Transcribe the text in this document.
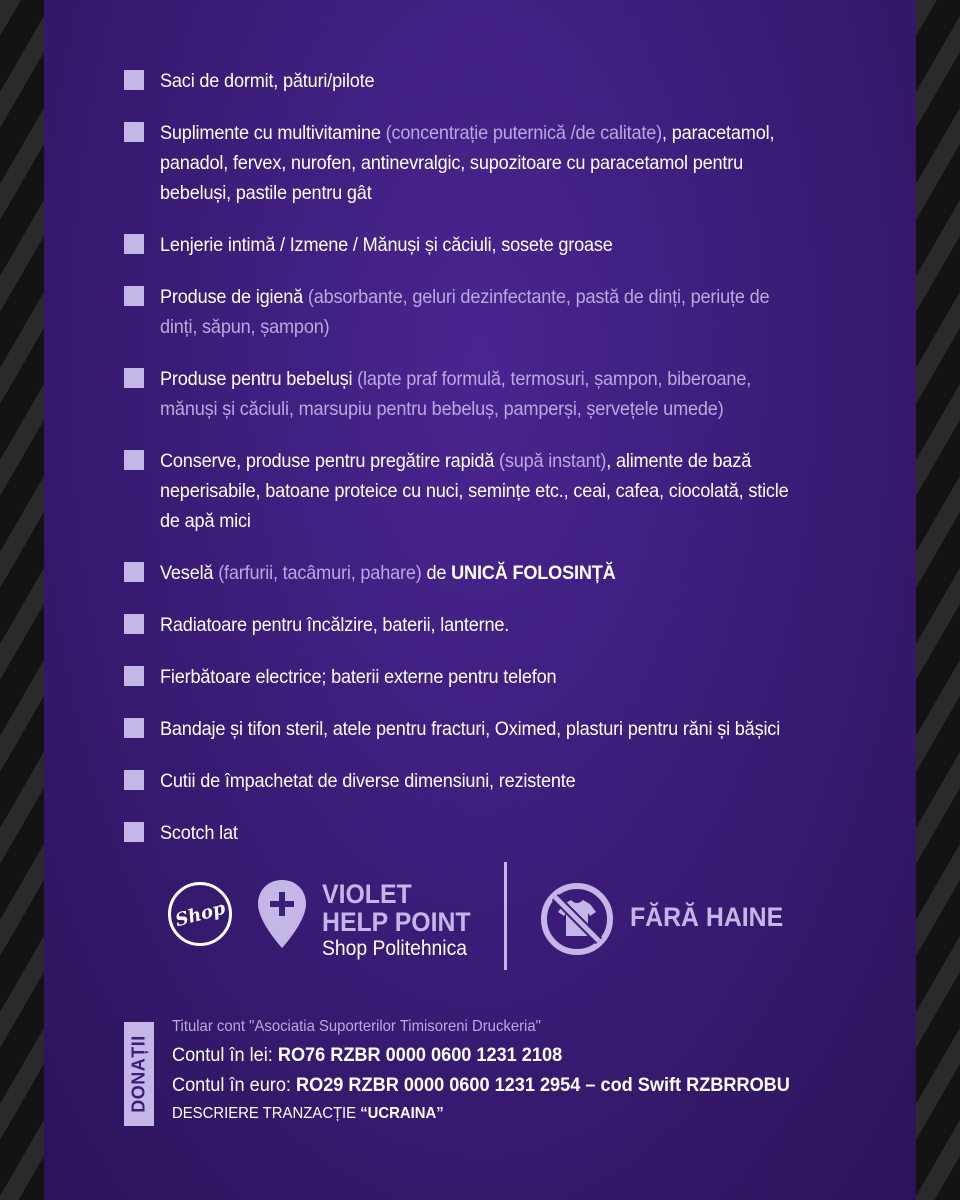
Saci de dormit, pături/pilote
Suplimente cu multivitamine (concentrație puternică /de calitate), paracetamol, panadol, fervex, nurofen, antinevralgic, supozitoare cu paracetamol pentru bebeluși, pastile pentru gât
Lenjerie intimă / Izmene / Mănuși și căciuli, sosete groase
Produse de igienă (absorbante, geluri dezinfectante, pastă de dinți, periuțe de dinți, săpun, șampon)
Produse pentru bebeluși (lapte praf formulă, termosuri, șampon, biberoane, mănuși și căciuli, marsupiu pentru bebeluș, pamperși, șervețele umede)
Conserve, produse pentru pregătire rapidă (supă instant), alimente de bază neperisabile, batoane proteice cu nuci, semințe etc., ceai, cafea, ciocolată, sticle de apă mici
Veselă (farfurii, tacâmuri, pahare) de UNICĂ FOLOSINȚĂ
Radiatoare pentru încălzire, baterii, lanterne.
Fierbătoare electrice; baterii externe pentru telefon
Bandaje și tifon steril, atele pentru fracturi, Oximed, plasturi pentru răni și bășici
Cutii de împachetat de diverse dimensiuni, rezistente
Scotch lat
Shop
VIOLET
HELP POINT
Shop Politehnica
FĂRĂ HAINE
DONAȚII
Titular cont "Asociatia Suporterilor Timisoreni Druckeria"
Contul în lei: RO76 RZBR 0000 0600 1231 2108
Contul în euro: RO29 RZBR 0000 0600 1231 2954 – cod Swift RZBRROBU
DESCRIERE TRANZACȚIE “UCRAINA”
